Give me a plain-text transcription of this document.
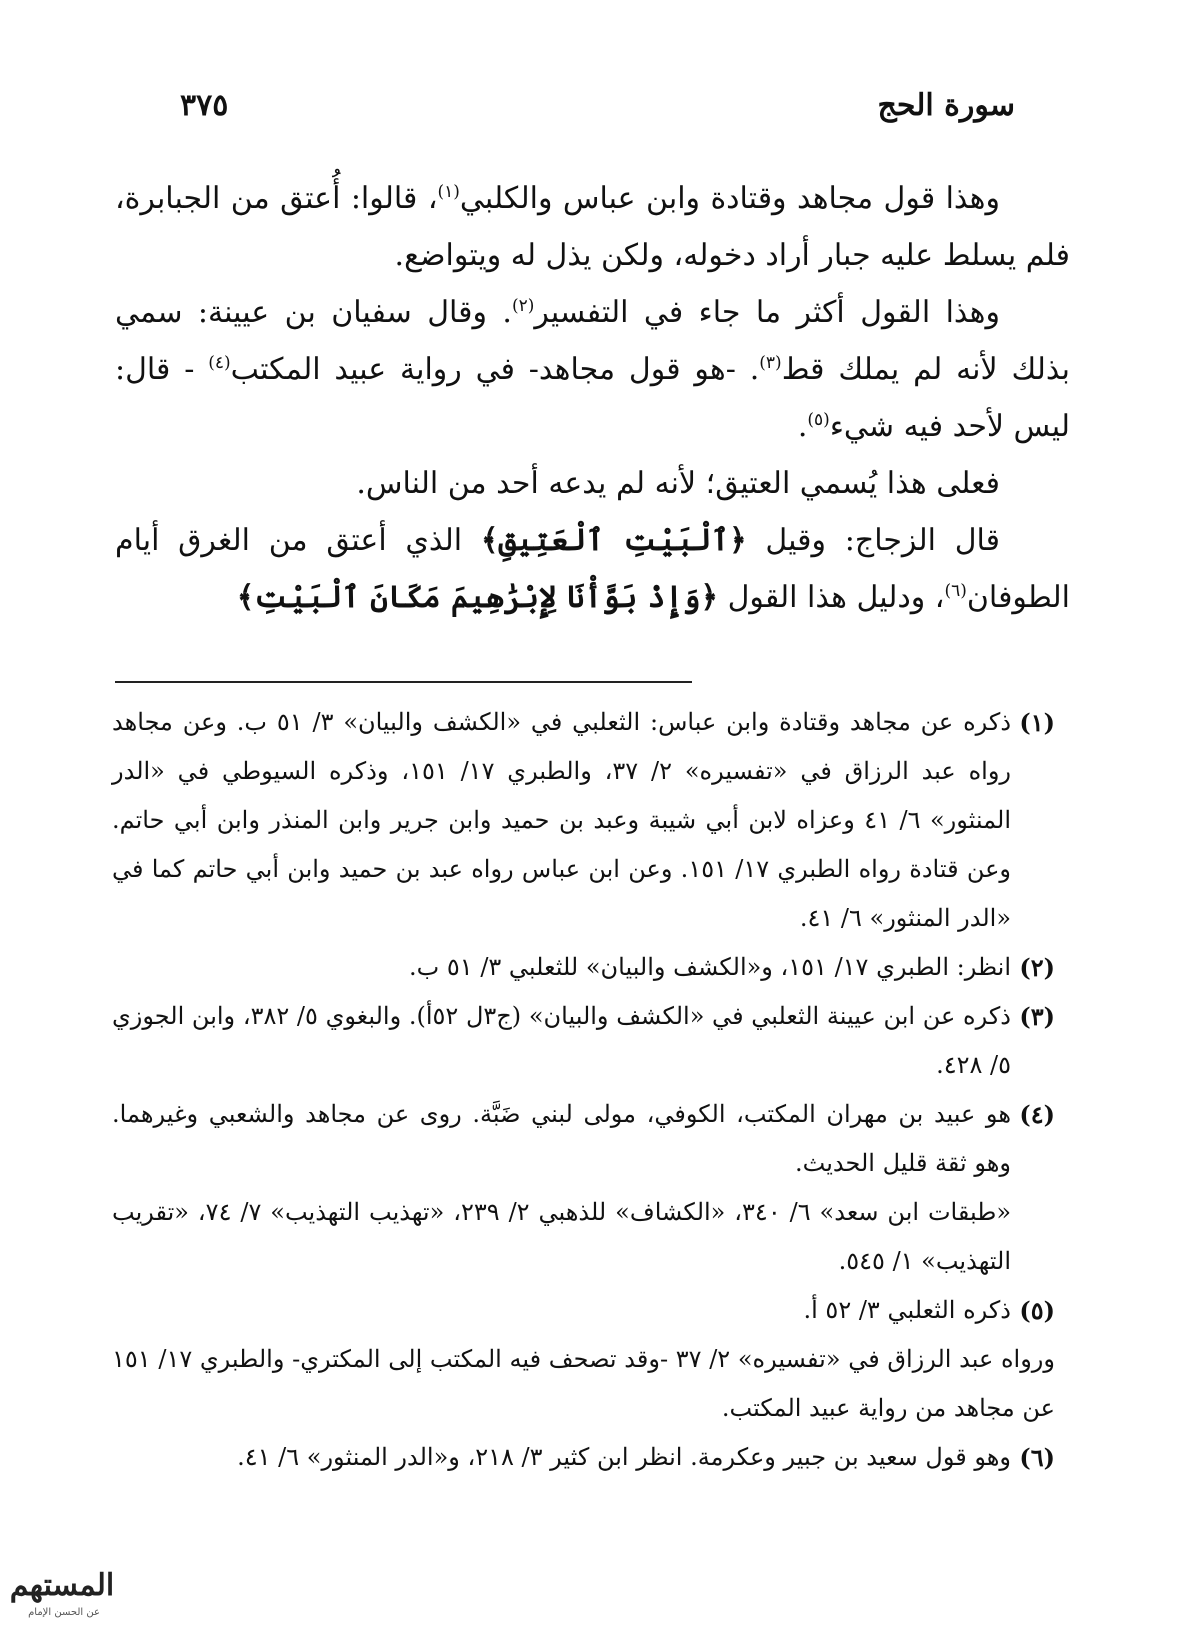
سورة الحج
٣٧٥

وهذا قول مجاهد وقتادة وابن عباس والكلبي$^{(١)}$، قالوا: أُعتق من الجبابرة، فلم يسلط عليه جبار أراد دخوله، ولكن يذل له ويتواضع.

وهذا القول أكثر ما جاء في التفسير$^{(٢)}$. وقال سفيان بن عيينة: سمي بذلك لأنه لم يملك قط$^{(٣)}$. -هو قول مجاهد- في رواية عبيد المكتب$^{(٤)}$ - قال: ليس لأحد فيه شيء$^{(٥)}$.

فعلى هذا يُسمي العتيق؛ لأنه لم يدعه أحد من الناس.

قال الزجاج: وقيل ﴿ٱلْبَيْتِ ٱلْعَتِيقِ﴾ الذي أعتق من الغرق أيام الطوفان$^{(٦)}$، ودليل هذا القول ﴿وَإِذْ بَوَّأْنَا لِإِبْرَٰهِيمَ مَكَانَ ٱلْبَيْتِ﴾

(١)

ذكره عن مجاهد وقتادة وابن عباس: الثعلبي في «الكشف والبيان» ٣/ ٥١ ب. وعن مجاهد رواه عبد الرزاق في «تفسيره» ٢/ ٣٧، والطبري ١٧/ ١٥١، وذكره السيوطي في «الدر المنثور» ٦/ ٤١ وعزاه لابن أبي شيبة وعبد بن حميد وابن جرير وابن المنذر وابن أبي حاتم. وعن قتادة رواه الطبري ١٧/ ١٥١. وعن ابن عباس رواه عبد بن حميد وابن أبي حاتم كما في «الدر المنثور» ٦/ ٤١.

(٢)

انظر: الطبري ١٧/ ١٥١، و«الكشف والبيان» للثعلبي ٣/ ٥١ ب.

(٣)

ذكره عن ابن عيينة الثعلبي في «الكشف والبيان» (ج٣ل ٥٢أ). والبغوي ٥/ ٣٨٢، وابن الجوزي ٥/ ٤٢٨.

(٤)

هو عبيد بن مهران المكتب، الكوفي، مولى لبني ضَبَّة. روى عن مجاهد والشعبي وغيرهما. وهو ثقة قليل الحديث.

«طبقات ابن سعد» ٦/ ٣٤٠، «الكشاف» للذهبي ٢/ ٢٣٩، «تهذيب التهذيب» ٧/ ٧٤، «تقريب التهذيب» ١/ ٥٤٥.

(٥)

ذكره الثعلبي ٣/ ٥٢ أ.

ورواه عبد الرزاق في «تفسيره» ٢/ ٣٧ -وقد تصحف فيه المكتب إلى المكتري- والطبري ١٧/ ١٥١ عن مجاهد من رواية عبيد المكتب.

(٦)

وهو قول سعيد بن جبير وعكرمة. انظر ابن كثير ٣/ ٢١٨، و«الدر المنثور» ٦/ ٤١.

المستهم
عن الحسن الإمام
